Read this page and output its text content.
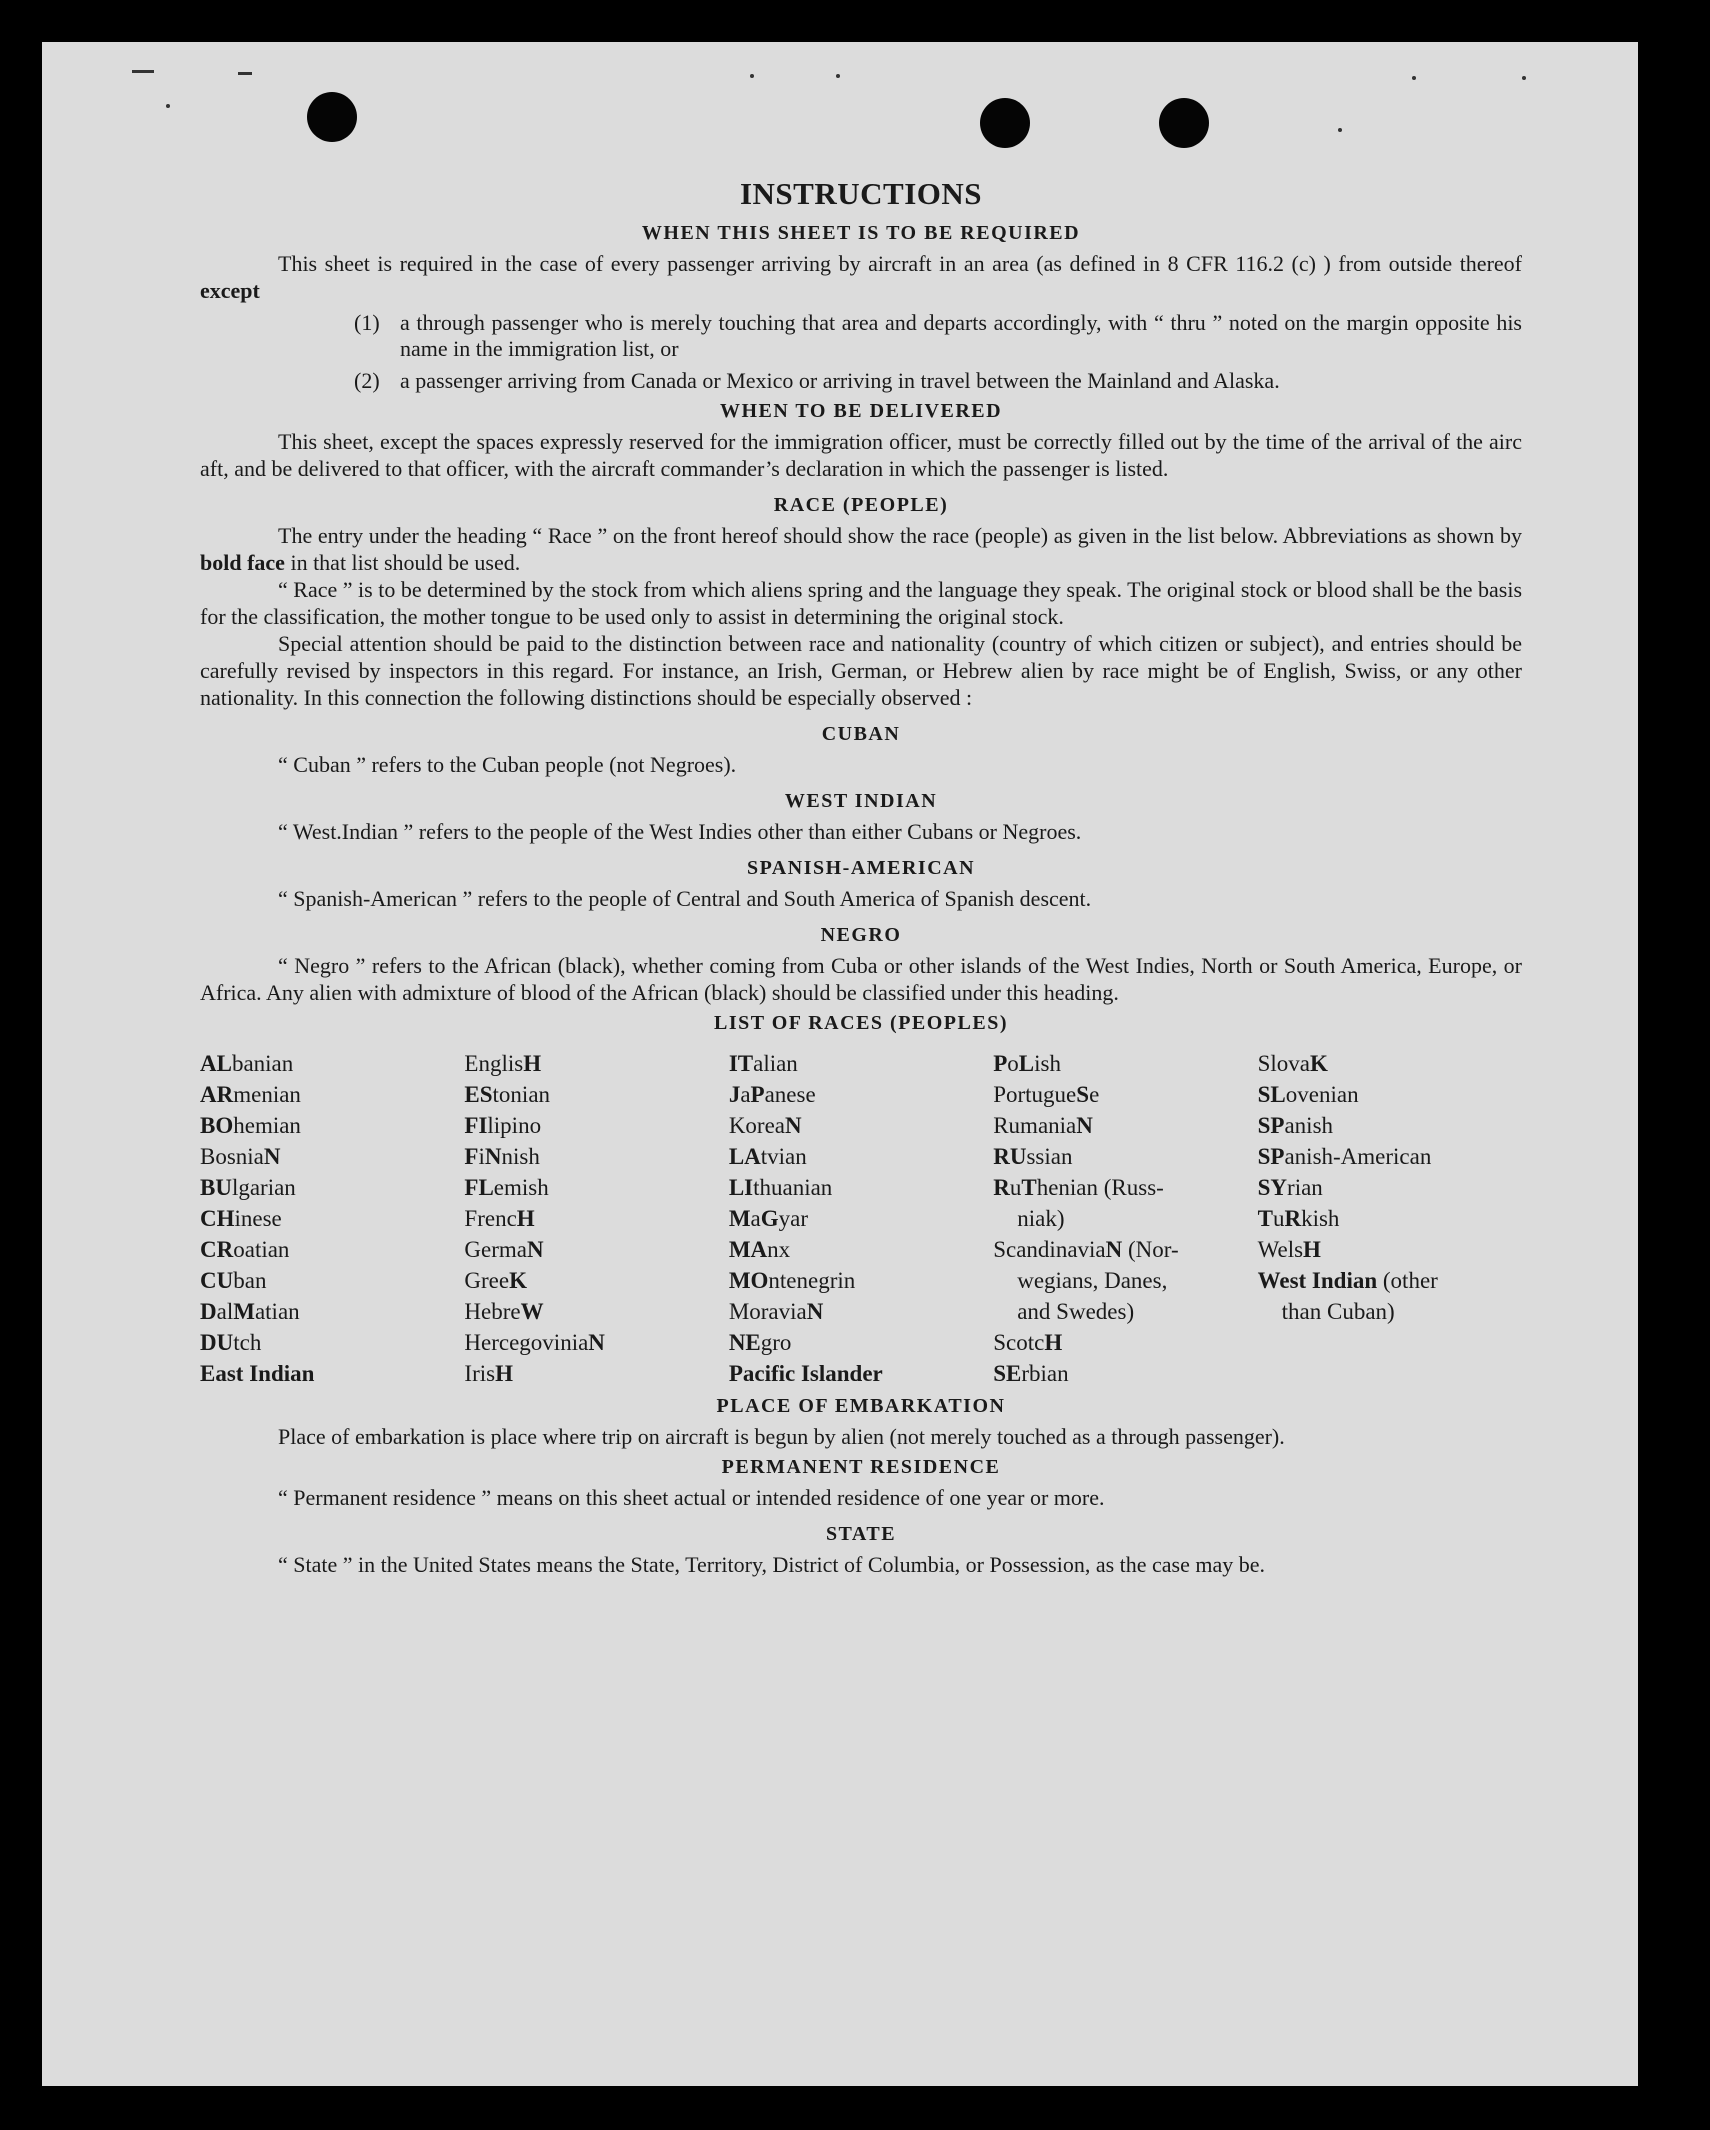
INSTRUCTIONS
WHEN THIS SHEET IS TO BE REQUIRED

This sheet is required in the case of every passenger arriving by aircraft in an area (as defined in 8 CFR 116.2 (c) ) from outside thereof except

(1) a through passenger who is merely touching that area and departs accordingly, with “ thru ” noted on the margin opposite his name in the immigration list, or
(2) a passenger arriving from Canada or Mexico or arriving in travel between the Mainland and Alaska.
WHEN TO BE DELIVERED

This sheet, except the spaces expressly reserved for the immigration officer, must be correctly filled out by the time of the arrival of the airc aft, and be delivered to that officer, with the aircraft commander’s declaration in which the passenger is listed.

RACE (PEOPLE)

The entry under the heading “ Race ” on the front hereof should show the race (people) as given in the list below. Abbreviations as shown by bold face in that list should be used.

“ Race ” is to be determined by the stock from which aliens spring and the language they speak. The original stock or blood shall be the basis for the classification, the mother tongue to be used only to assist in determining the original stock.

Special attention should be paid to the distinction between race and nationality (country of which citizen or subject), and entries should be carefully revised by inspectors in this regard. For instance, an Irish, German, or Hebrew alien by race might be of English, Swiss, or any other nationality. In this connection the following distinctions should be especially observed :

CUBAN

“ Cuban ” refers to the Cuban people (not Negroes).

WEST INDIAN

“ West.Indian ” refers to the people of the West Indies other than either Cubans or Negroes.

SPANISH-AMERICAN

“ Spanish-American ” refers to the people of Central and South America of Spanish descent.

NEGRO

“ Negro ” refers to the African (black), whether coming from Cuba or other islands of the West Indies, North or South America, Europe, or Africa. Any alien with admixture of blood of the African (black) should be classified under this heading.

LIST OF RACES (PEOPLES)
ALbanian
ARmenian
BOhemian
BosniaN
BUlgarian
CHinese
CRoatian
CUban
DalMatian
DUtch
East Indian
EnglisH
EStonian
FIlipino
FiNnish
FLemish
FrencH
GermaN
GreeK
HebreW
HercegoviniaN
IrisH
ITalian
JaPanese
KoreaN
LAtvian
LIthuanian
MaGyar
MAnx
MOntenegrin
MoraviaN
NEgro
Pacific Islander
PoLish
PortugueSe
RumaniaN
RUssian
RuThenian (Russ-
niak)
ScandinaviaN (Nor-
wegians, Danes,
and Swedes)
ScotcH
SErbian
SlovaK
SLovenian
SPanish
SPanish-American
SYrian
TuRkish
WelsH
West Indian (other
than Cuban)
PLACE OF EMBARKATION

Place of embarkation is place where trip on aircraft is begun by alien (not merely touched as a through passenger).

PERMANENT RESIDENCE

“ Permanent residence ” means on this sheet actual or intended residence of one year or more.

STATE

“ State ” in the United States means the State, Territory, District of Columbia, or Possession, as the case may be.
